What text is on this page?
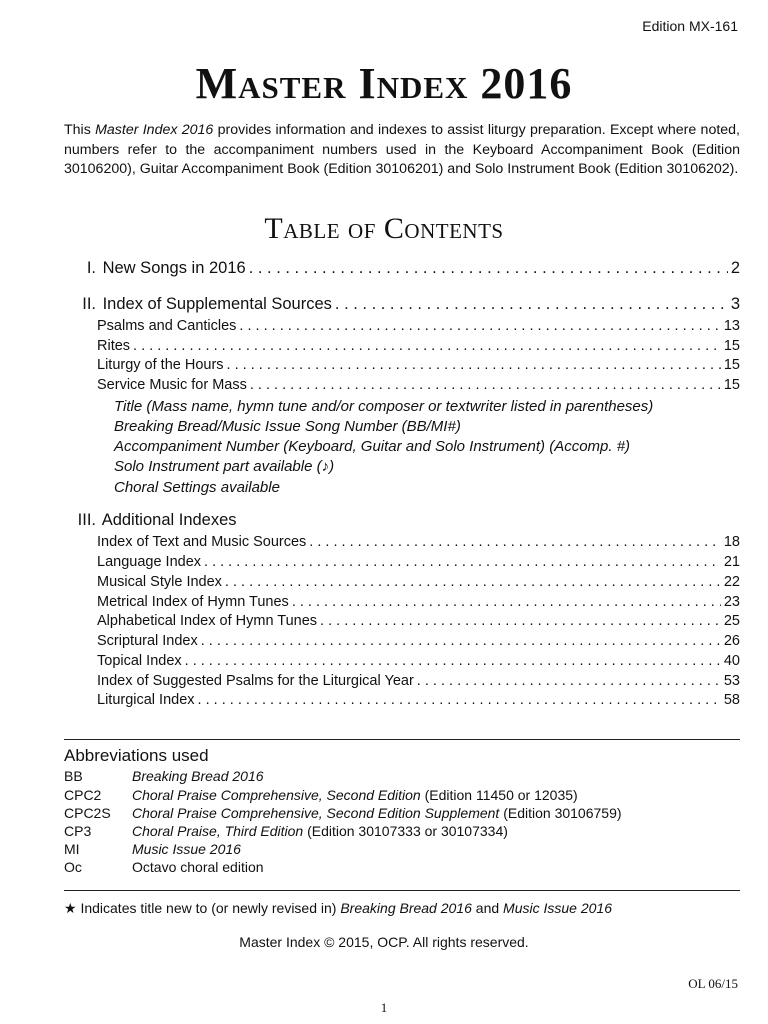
Edition MX-161
Master Index 2016
This Master Index 2016 provides information and indexes to assist liturgy preparation. Except where noted, numbers refer to the accompaniment numbers used in the Keyboard Accompaniment Book (Edition 30106200), Guitar Accompaniment Book (Edition 30106201) and Solo Instrument Book (Edition 30106202).
Table of Contents
I. New Songs in 2016 . . .	2
II. Index of Supplemental Sources . . .	3
Psalms and Canticles . . .	13
Rites . . .	15
Liturgy of the Hours . . .	15
Service Music for Mass . . .	15
Title (Mass name, hymn tune and/or composer or textwriter listed in parentheses)
Breaking Bread/Music Issue Song Number (BB/MI#)
Accompaniment Number (Keyboard, Guitar and Solo Instrument) (Accomp. #)
Solo Instrument part available (♪)
Choral Settings available
III. Additional Indexes
Index of Text and Music Sources . . .	18
Language Index . . .	21
Musical Style Index . . .	22
Metrical Index of Hymn Tunes . . .	23
Alphabetical Index of Hymn Tunes . . .	25
Scriptural Index . . .	26
Topical Index . . .	40
Index of Suggested Psalms for the Liturgical Year . . .	53
Liturgical Index . . .	58
Abbreviations used
BB	Breaking Bread 2016
CPC2	Choral Praise Comprehensive, Second Edition (Edition 11450 or 12035)
CPC2S	Choral Praise Comprehensive, Second Edition Supplement (Edition 30106759)
CP3	Choral Praise, Third Edition (Edition 30107333 or 30107334)
MI	Music Issue 2016
Oc	Octavo choral edition
★ Indicates title new to (or newly revised in) Breaking Bread 2016 and Music Issue 2016
Master Index © 2015, OCP. All rights reserved.
OL 06/15
1
